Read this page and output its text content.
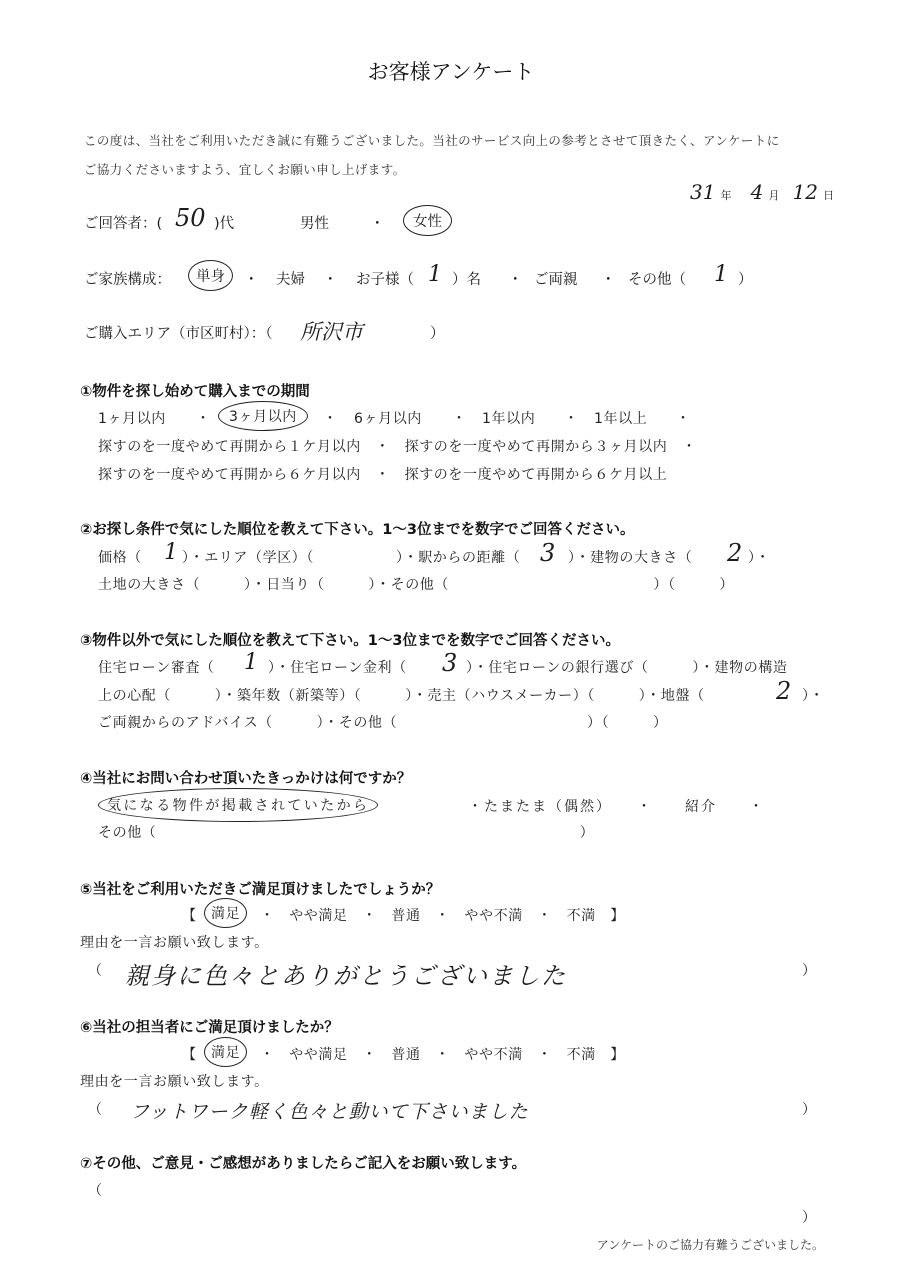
お客様アンケート
この度は、当社をご利用いただき誠に有難うございました。当社のサービス向上の参考とさせて頂きたく、アンケートに
ご協力くださいますよう、宜しくお願い申し上げます。
31 年 4 月 12 日
ご回答者：( 50 )代	男性	・	女性
ご家族構成：	単身	・ 夫婦 ・ お子様（ 1 ）名 ・ ご両親 ・ その他（ 1 ）
ご購入エリア（市区町村）：（ 所沢市	）
①物件を探し始めて購入までの期間
1ヶ月以内 ・	3ヶ月以内	・ 6ヶ月以内 ・ 1年以内 ・ 1年以上 ・
探すのを一度やめて再開から１ケ月以内　・　探すのを一度やめて再開から３ヶ月以内　・
探すのを一度やめて再開から６ケ月以内　・　探すのを一度やめて再開から６ケ月以上
②お探し条件で気にした順位を教えて下さい。1〜3位までを数字でご回答ください。
価格（ 1 ）・エリア（学区）（	）・駅からの距離（ 3 ）・建物の大きさ（ 2 ）・
土地の大きさ（　　　）・日当り（　　　）・その他（　　　　　　　　　　　　　　）（　　　）
③物件以外で気にした順位を教えて下さい。1〜3位までを数字でご回答ください。
住宅ローン審査（ 1 ）・住宅ローン金利（ 3 ）・住宅ローンの銀行選び（　　　）・建物の構造
上の心配（　　　）・築年数（新築等）（　　　）・売主（ハウスメーカー）（　　　）・地盤（	2 ）・
ご両親からのアドバイス（　　　）・その他（　　　　　　　　　　　　　）（　　　）
④当社にお問い合わせ頂いたきっかけは何ですか？
気になる物件が掲載されていたから	・たまたま（偶然）　　・　　紹介　　・
その他（　　　　　　　　　　　　　　　　　　　　　　　　　　　　　）
⑤当社をご利用いただきご満足頂けましたでしょうか？
【	満足	・　やや満足　・　普通　・　やや不満　・　不満　】
理由を一言お願い致します。
（ 親身に色々とありがとうございました	）
⑥当社の担当者にご満足頂けましたか？
【	満足	・　やや満足　・　普通　・　やや不満　・　不満　】
理由を一言お願い致します。
（ フットワーク軽く色々と動いて下さいました	）
⑦その他、ご意見・ご感想がありましたらご記入をお願い致します。
（
）
アンケートのご協力有難うございました。
